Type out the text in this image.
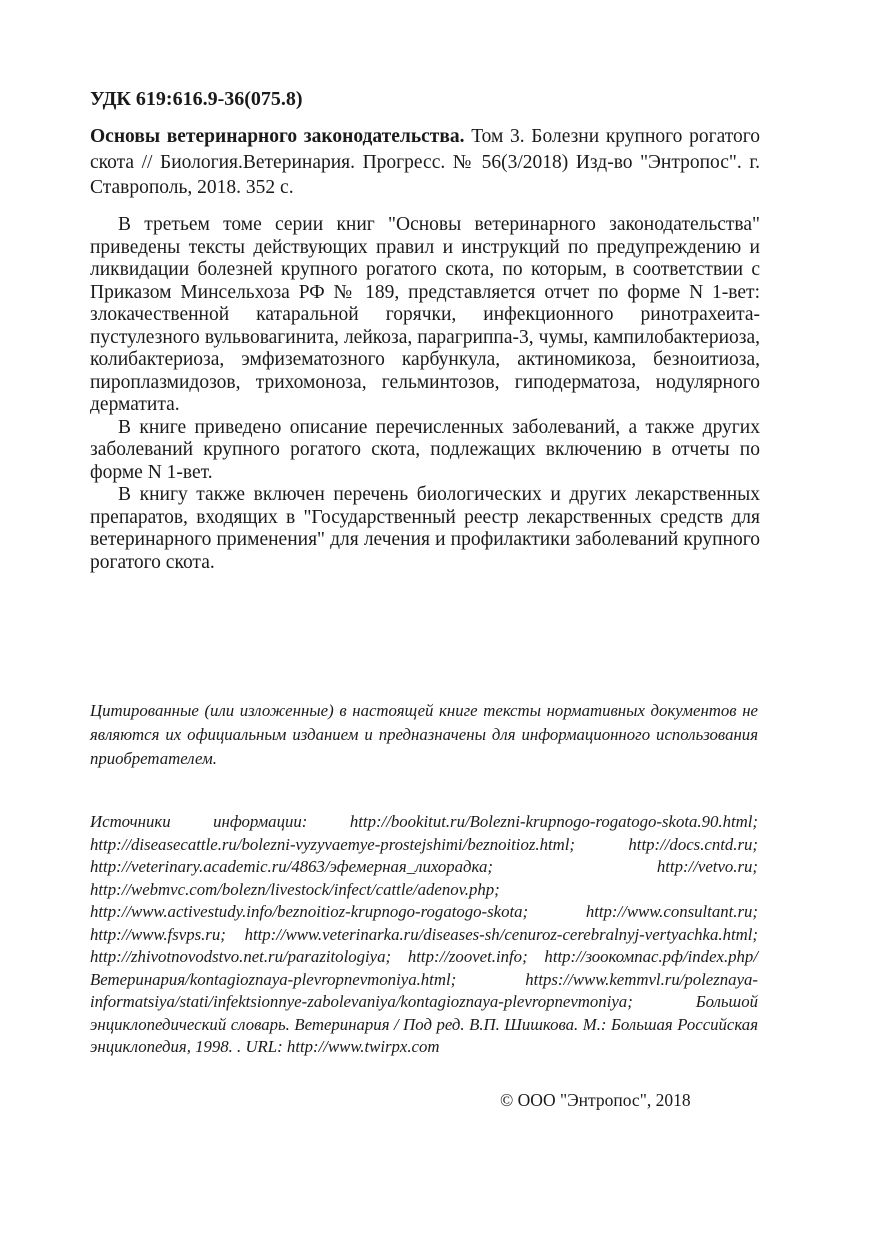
УДК 619:616.9-36(075.8)
Основы ветеринарного законодательства. Том 3. Болезни крупного рогатого скота // Биология.Ветеринария. Прогресс. № 56(3/2018) Изд-во "Энтропос". г. Ставрополь, 2018. 352 с.

В третьем томе серии книг "Основы ветеринарного законодательства" приведены тексты действующих правил и инструкций по предупреждению и ликвидации болезней крупного рогатого скота, по которым, в соответствии с Приказом Минсельхоза РФ № 189, представляется отчет по форме N 1-вет: злокачественной катаральной горячки, инфекционного ринотрахеита-пустулезного вульвовагинита, лейкоза, парагриппа-3, чумы, кампилобактериоза, колибактериоза, эмфизематозного карбункула, актиномикоза, безноитиоза, пироплазмидозов, трихомоноза, гельминтозов, гиподерматоза, нодулярного дерматита.

В книге приведено описание перечисленных заболеваний, а также других заболеваний крупного рогатого скота, подлежащих включению в отчеты по форме N 1-вет.

В книгу также включен перечень биологических и других лекарственных препаратов, входящих в "Государственный реестр лекарственных средств для ветеринарного применения" для лечения и профилактики заболеваний крупного рогатого скота.

Цитированные (или изложенные) в настоящей книге тексты нормативных документов не являются их официальным изданием и предназначены для информационного использования приобретателем.
Источники информации: http://bookitut.ru/Bolezni-krupnogo-rogatogo-skota.90.html; http://diseasecattle.ru/bolezni-vyzyvaemye-prostejshimi/beznoitioz.html; http://docs.cntd.ru; http://veterinary.academic.ru/4863/эфемерная_лихорадка; http://vetvo.ru; http://webmvc.com/bolezn/livestock/infect/cattle/adenov.php; http://www.activestudy.info/beznoitioz-krupnogo-rogatogo-skota; http://www.consultant.ru; http://www.fsvps.ru; http://www.veterinarka.ru/diseases-sh/cenuroz-cerebralnyj-vertyachka.html; http://zhivotnovodstvo.net.ru/parazitologiya; http://zoovet.info; http://зоокомпас.рф/index.php/Ветеринария/kontagioznaya-plevropnevmoniya.html; https://www.kemmvl.ru/poleznaya-informatsiya/stati/infektsionnye-zabolevaniya/kontagioznaya-plevropnevmoniya; Большой энциклопедический словарь. Ветеринария / Под ред. В.П. Шишкова. М.: Большая Российская энциклопедия, 1998. . URL: http://www.twirpx.com
© ООО "Энтропос", 2018
